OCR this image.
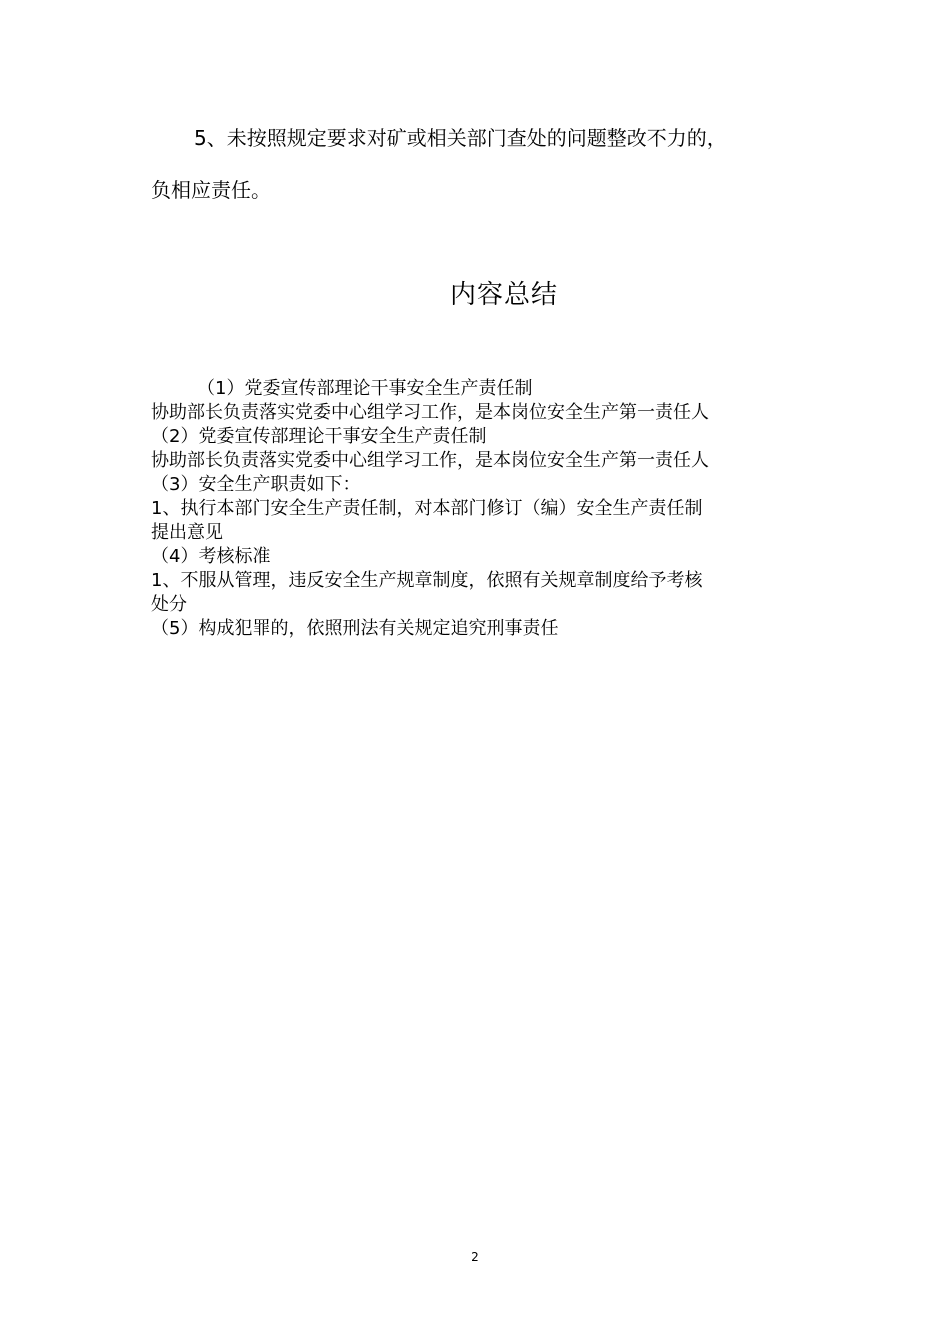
5、未按照规定要求对矿或相关部门查处的问题整改不力的，
负相应责任。
内容总结
（1）党委宣传部理论干事安全生产责任制
协助部长负责落实党委中心组学习工作，是本岗位安全生产第一责任人
（2）党委宣传部理论干事安全生产责任制
协助部长负责落实党委中心组学习工作，是本岗位安全生产第一责任人
（3）安全生产职责如下：
1、执行本部门安全生产责任制，对本部门修订（编）安全生产责任制
提出意见
（4）考核标准
1、不服从管理，违反安全生产规章制度，依照有关规章制度给予考核
处分
（5）构成犯罪的，依照刑法有关规定追究刑事责任
2
